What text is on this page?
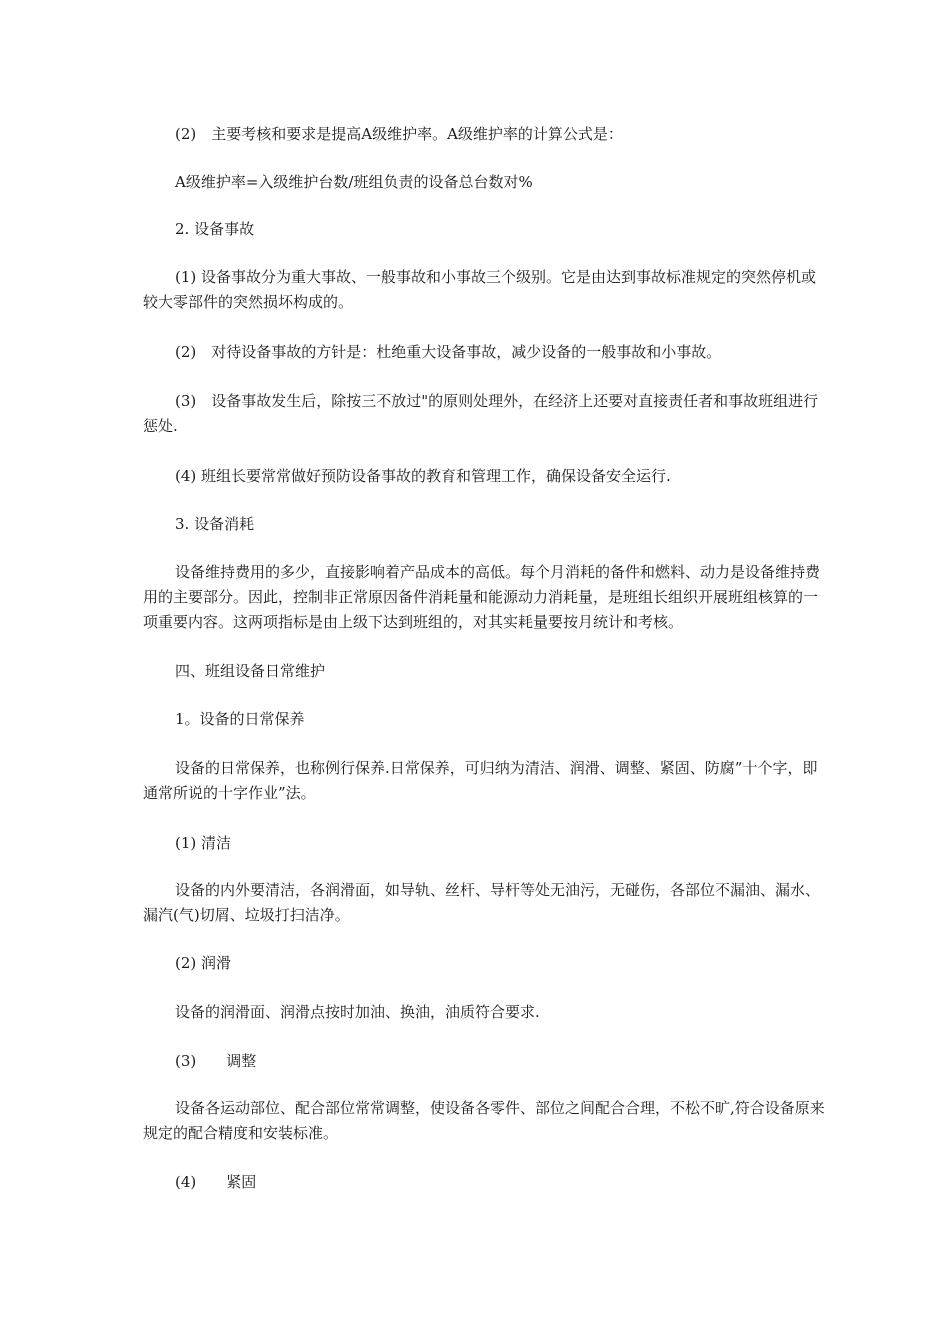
(2)　主要考核和要求是提高A级维护率。A级维护率的计算公式是：

A级维护率=入级维护台数/班组负责的设备总台数对%

2. 设备事故

(1) 设备事故分为重大事故、一般事故和小事故三个级别。它是由达到事故标准规定的突然停机或较大零部件的突然损坏构成的。

(2)　对待设备事故的方针是：杜绝重大设备事故，减少设备的一般事故和小事故。

(3)　设备事故发生后，除按三不放过"的原则处理外，在经济上还要对直接责任者和事故班组进行惩处.

(4) 班组长要常常做好预防设备事故的教育和管理工作，确保设备安全运行.

3. 设备消耗

设备维持费用的多少，直接影响着产品成本的高低。每个月消耗的备件和燃料、动力是设备维持费用的主要部分。因此，控制非正常原因备件消耗量和能源动力消耗量，是班组长组织开展班组核算的一项重要内容。这两项指标是由上级下达到班组的，对其实耗量要按月统计和考核。

四、班组设备日常维护

1。设备的日常保养

设备的日常保养，也称例行保养.日常保养，可归纳为清洁、润滑、调整、紧固、防腐”十个字，即通常所说的十字作业”法。

(1) 清洁

设备的内外要清洁，各润滑面，如导轨、丝杆、导杆等处无油污，无碰伤，各部位不漏油、漏水、漏汽(气)切屑、垃圾打扫洁净。

(2) 润滑

设备的润滑面、润滑点按时加油、换油，油质符合要求.

(3)　　调整

设备各运动部位、配合部位常常调整，使设备各零件、部位之间配合合理，不松不旷,符合设备原来规定的配合精度和安装标准。

(4)　　紧固
